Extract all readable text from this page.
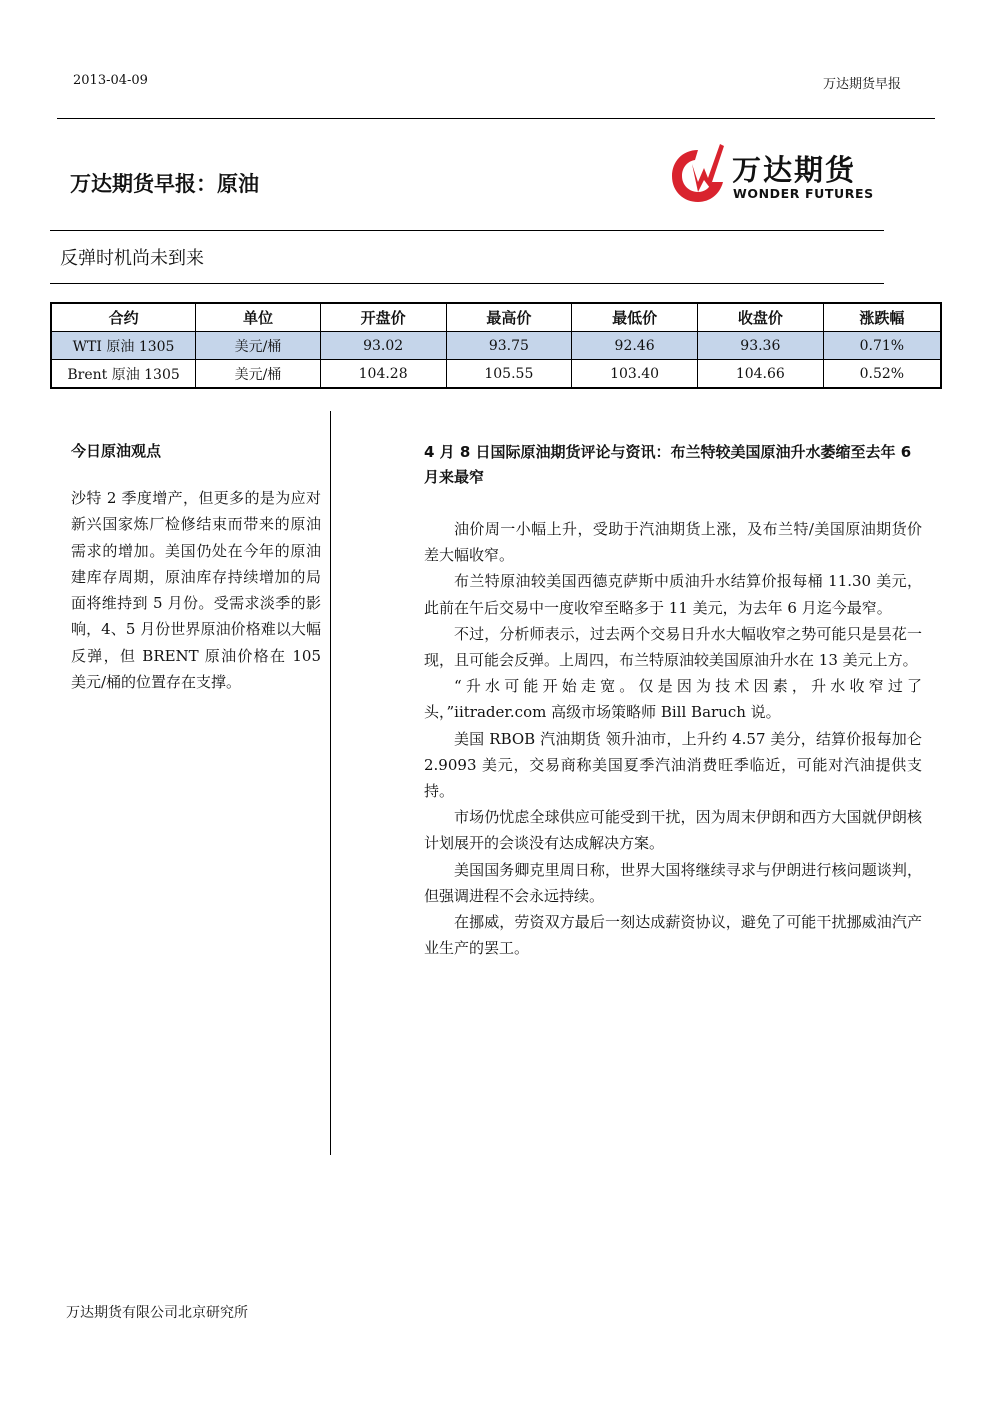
2013-04-09	万达期货早报
万达期货早报：原油	万达期货
WONDER FUTURES
反弹时机尚未到来
合约	单位	开盘价	最高价	最低价	收盘价	涨跌幅
WTI 原油 1305	美元/桶	93.02	93.75	92.46	93.36	0.71%
Brent 原油 1305	美元/桶	104.28	105.55	103.40	104.66	0.52%
今日原油观点

沙特 2 季度增产，但更多的是为应对新兴国家炼厂检修结束而带来的原油需求的增加。美国仍处在今年的原油建库存周期，原油库存持续增加的局面将维持到 5 月份。受需求淡季的影响，4、5 月份世界原油价格难以大幅反弹，但 BRENT 原油价格在 105 美元/桶的位置存在支撑。

4 月 8 日国际原油期货评论与资讯：布兰特较美国原油升水萎缩至去年 6 月来最窄

油价周一小幅上升，受助于汽油期货上涨，及布兰特/美国原油期货价差大幅收窄。

布兰特原油较美国西德克萨斯中质油升水结算价报每桶 11.30 美元，此前在午后交易中一度收窄至略多于 11 美元，为去年 6 月迄今最窄。

不过，分析师表示，过去两个交易日升水大幅收窄之势可能只是昙花一现，且可能会反弹。上周四，布兰特原油较美国原油升水在 13 美元上方。

“升水可能开始走宽。仅是因为技术因素，升水收窄过了头，”iitrader.com 高级市场策略师 Bill Baruch 说。

美国 RBOB 汽油期货 领升油市，上升约 4.57 美分，结算价报每加仑 2.9093 美元，交易商称美国夏季汽油消费旺季临近，可能对汽油提供支持。

市场仍忧虑全球供应可能受到干扰，因为周末伊朗和西方大国就伊朗核计划展开的会谈没有达成解决方案。

美国国务卿克里周日称，世界大国将继续寻求与伊朗进行核问题谈判，但强调进程不会永远持续。

在挪威，劳资双方最后一刻达成薪资协议，避免了可能干扰挪威油汽产业生产的罢工。

万达期货有限公司北京研究所
